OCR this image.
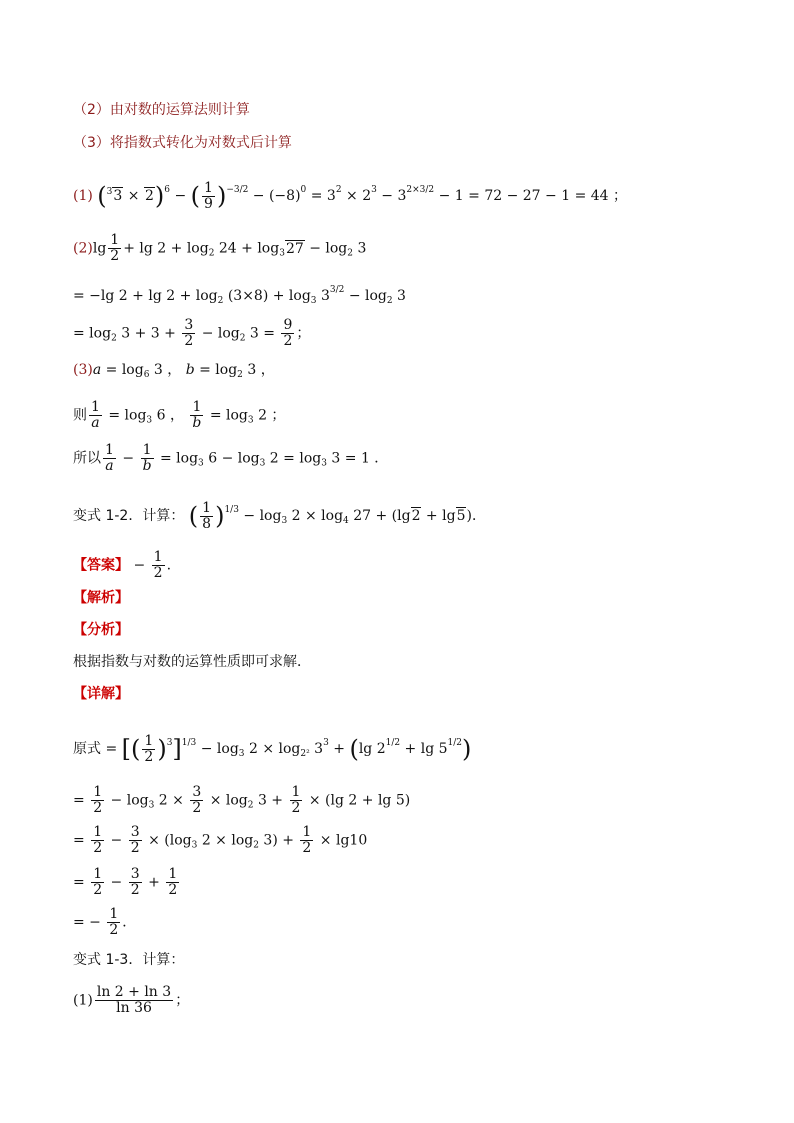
（2）由对数的运算法则计算
（3）将指数式转化为对数式后计算
(1) $(^33 \times 2)^6$ − ( $\frac{1}{9} )^{-3/2} - (-8)^0 = 3^2 \times 2^3 - 3^{2\times 3/2} - 1 = 72 - 27 - 1 = 44$ ；
$(2)\lg \frac{1}{2} + \lg 2 + \log_2 24 + \log_327 - \log_2 3$
= −lg $2 + \lg 2 + \log_2 (3\times 8) + \log_3 3^{3/2} - \log_2 3$
= $\log_2 3 + 3 + \frac{3}{2} - \log_2 3 = \frac{9}{2}$ ；
$(3)a = \log_6 3$ ， $b = \log_2 3$ ，
则 $\frac{1}{a} = \log_3 6$ ， $\frac{1}{b} = \log_3 2$ ；
所以 $\frac{1}{a} - \frac{1}{b} = \log_3 6 - \log_3 2 = \log_3 3 = 1$ ．
变式 1-2．计算： ( $\frac{1}{8} )^{1/3} - \log_3 2 \times \log_4 27 + (\lg 2 + \lg 5)$．
【答案】 − $\frac{1}{2}$ .
【解析】
【分析】
根据指数与对数的运算性质即可求解．
【详解】
原式 = [( $\frac{1}{2} )^3]^{1/3} - \log_3 2 \times \log_{2^2} 3^3 + (\lg$ $2^{1/2} + \lg 5^{1/2}$)
= $\frac{1}{2} - \log_3 2 \times \frac{3}{2} \times \log_2 3 + \frac{1}{2} \times (\lg$ 2 + lg 5)
= $\frac{1}{2} - \frac{3}{2} \times (\log_3$ $2 \times \log_2 3) + \frac{1}{2} \times \lg 10$
= $\frac{1}{2} - \frac{3}{2} + \frac{1}{2}$
= − $\frac{1}{2}$ ．
变式 1-3．计算：
$(1) \frac{\ln 2 + \ln 3}{\ln 36}$ ；
